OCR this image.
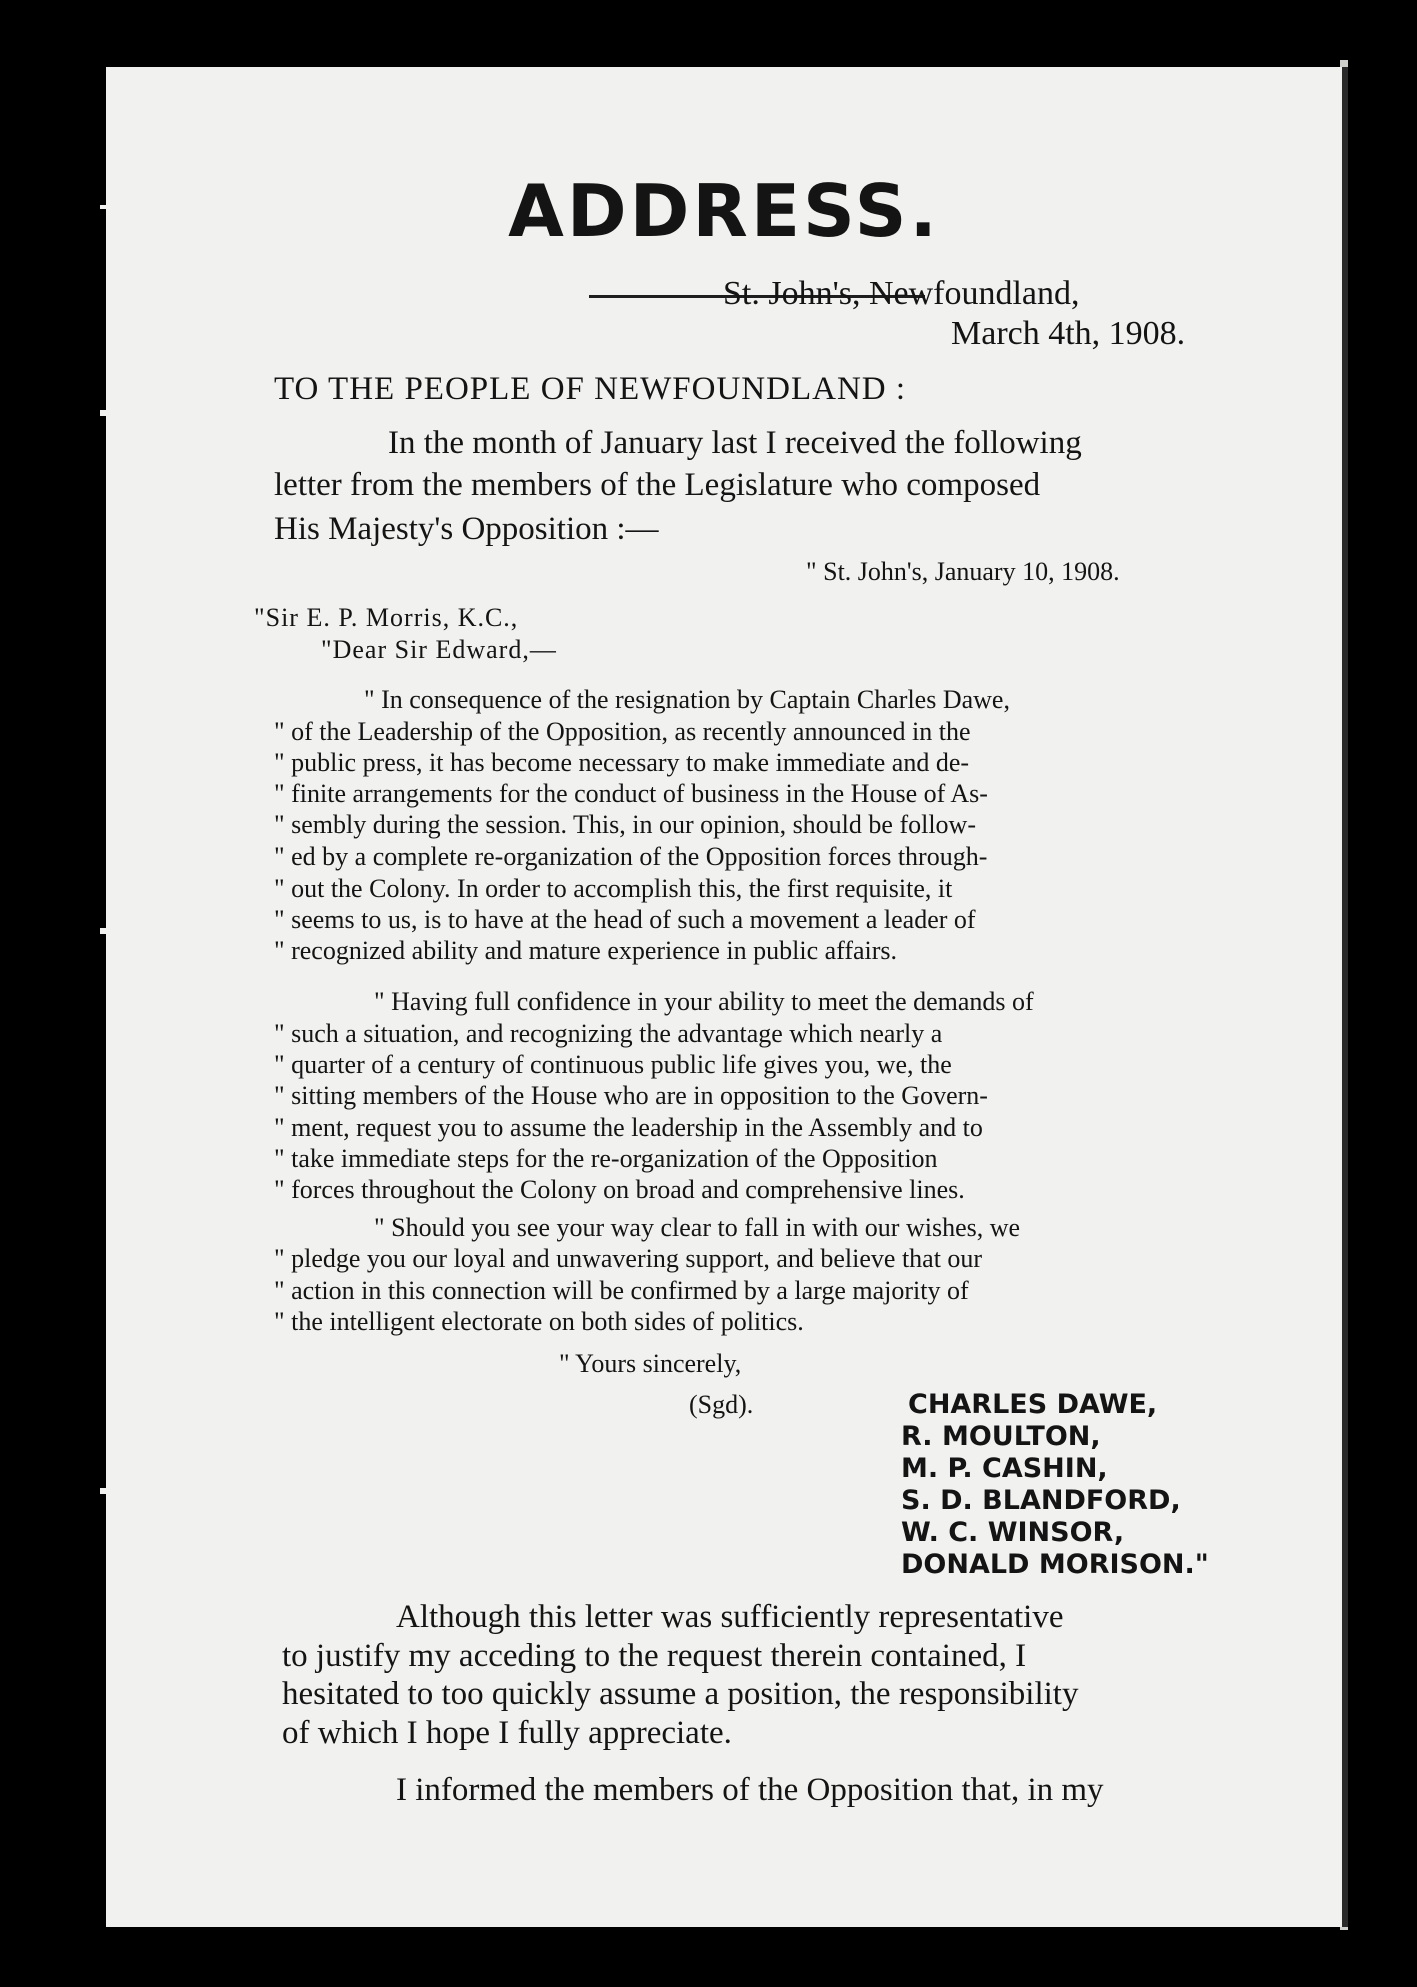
ADDRESS.
St. John's, Newfoundland,
March 4th, 1908.
TO THE PEOPLE OF NEWFOUNDLAND :
In the month of January last I received the following
letter from the members of the Legislature who composed
His Majesty's Opposition :—
" St. John's, January 10, 1908.
"Sir E. P. Morris, K.C.,
"Dear Sir Edward,—
" In consequence of the resignation by Captain Charles Dawe,
" of the Leadership of the Opposition, as recently announced in the
" public press, it has become necessary to make immediate and de-
" finite arrangements for the conduct of business in the House of As-
" sembly during the session. This, in our opinion, should be follow-
" ed by a complete re-organization of the Opposition forces through-
" out the Colony. In order to accomplish this, the first requisite, it
" seems to us, is to have at the head of such a movement a leader of
" recognized ability and mature experience in public affairs.
" Having full confidence in your ability to meet the demands of
" such a situation, and recognizing the advantage which nearly a
" quarter of a century of continuous public life gives you, we, the
" sitting members of the House who are in opposition to the Govern-
" ment, request you to assume the leadership in the Assembly and to
" take immediate steps for the re-organization of the Opposition
" forces throughout the Colony on broad and comprehensive lines.
" Should you see your way clear to fall in with our wishes, we
" pledge you our loyal and unwavering support, and believe that our
" action in this connection will be confirmed by a large majority of
" the intelligent electorate on both sides of politics.
" Yours sincerely,
(Sgd).	CHARLES DAWE,
R. MOULTON,
M. P. CASHIN,
S. D. BLANDFORD,
W. C. WINSOR,
DONALD MORISON."
Although this letter was sufficiently representative
to justify my acceding to the request therein contained, I
hesitated to too quickly assume a position, the responsibility
of which I hope I fully appreciate.
I informed the members of the Opposition that, in my
